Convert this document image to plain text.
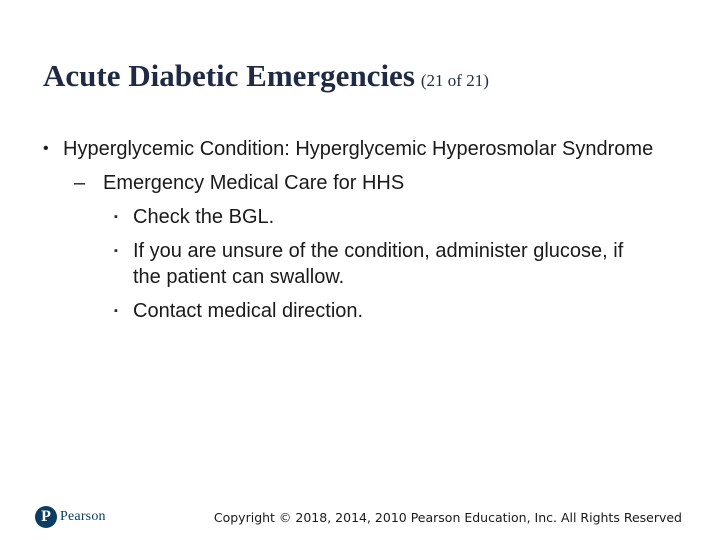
Acute Diabetic Emergencies (21 of 21)
• Hyperglycemic Condition: Hyperglycemic Hyperosmolar Syndrome
– Emergency Medical Care for HHS
▪ Check the BGL.
▪ If you are unsure of the condition, administer glucose, if the patient can swallow.
▪ Contact medical direction.
P Pearson	Copyright © 2018, 2014, 2010 Pearson Education, Inc. All Rights Reserved
